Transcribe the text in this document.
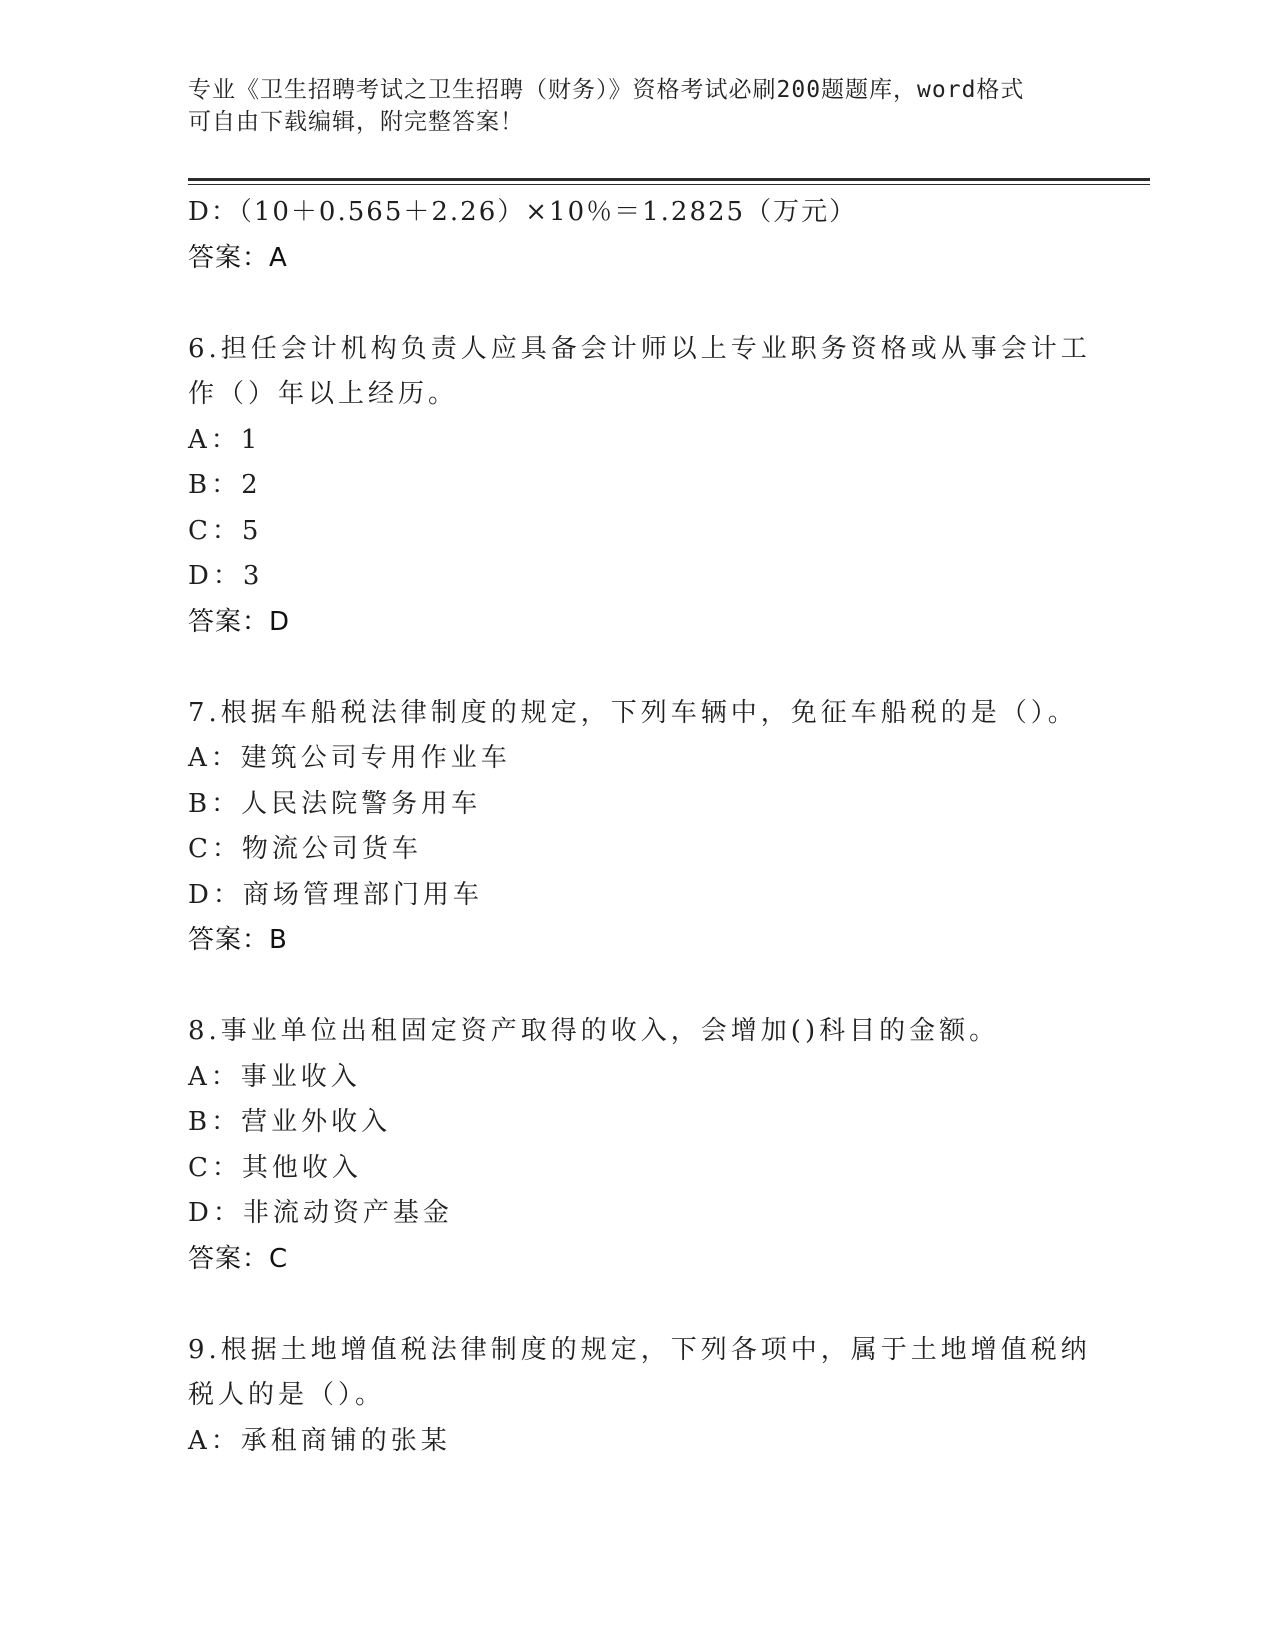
专业《卫生招聘考试之卫生招聘（财务）》资格考试必刷200题题库，word格式
可自由下载编辑，附完整答案！
D：（10＋0.565＋2.26）×10％＝1.2825（万元）
答案：A
6.担任会计机构负责人应具备会计师以上专业职务资格或从事会计工
作（）年以上经历。
A：1
B：2
C：5
D：3
答案：D
7.根据车船税法律制度的规定，下列车辆中，免征车船税的是（）。
A：建筑公司专用作业车
B：人民法院警务用车
C：物流公司货车
D：商场管理部门用车
答案：B
8.事业单位出租固定资产取得的收入，会增加()科目的金额。
A：事业收入
B：营业外收入
C：其他收入
D：非流动资产基金
答案：C
9.根据土地增值税法律制度的规定，下列各项中，属于土地增值税纳
税人的是（）。
A：承租商铺的张某
